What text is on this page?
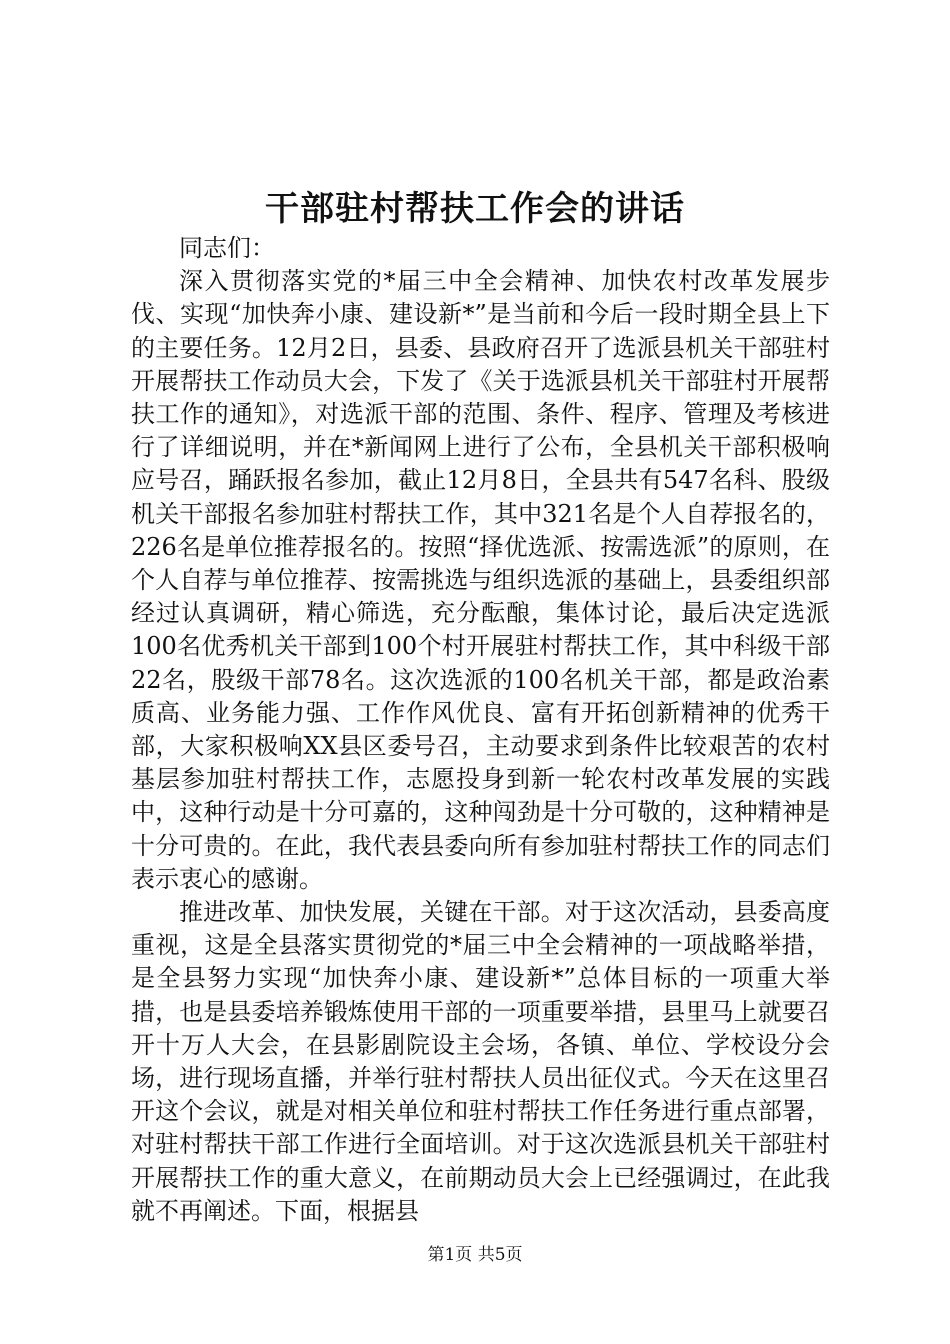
干部驻村帮扶工作会的讲话

同志们：

深入贯彻落实党的*届三中全会精神、加快农村改革发展步伐、实现“加快奔小康、建设新*”是当前和今后一段时期全县上下的主要任务。12月2日，县委、县政府召开了选派县机关干部驻村开展帮扶工作动员大会，下发了《关于选派县机关干部驻村开展帮扶工作的通知》，对选派干部的范围、条件、程序、管理及考核进行了详细说明，并在*新闻网上进行了公布，全县机关干部积极响应号召，踊跃报名参加，截止12月8日，全县共有547名科、股级机关干部报名参加驻村帮扶工作，其中321名是个人自荐报名的，226名是单位推荐报名的。按照“择优选派、按需选派”的原则，在个人自荐与单位推荐、按需挑选与组织选派的基础上，县委组织部经过认真调研，精心筛选，充分酝酿，集体讨论，最后决定选派100名优秀机关干部到100个村开展驻村帮扶工作，其中科级干部22名，股级干部78名。这次选派的100名机关干部，都是政治素质高、业务能力强、工作作风优良、富有开拓创新精神的优秀干部，大家积极响XX县区委号召，主动要求到条件比较艰苦的农村基层参加驻村帮扶工作，志愿投身到新一轮农村改革发展的实践中，这种行动是十分可嘉的，这种闯劲是十分可敬的，这种精神是十分可贵的。在此，我代表县委向所有参加驻村帮扶工作的同志们表示衷心的感谢。

推进改革、加快发展，关键在干部。对于这次活动，县委高度重视，这是全县落实贯彻党的*届三中全会精神的一项战略举措，是全县努力实现“加快奔小康、建设新*”总体目标的一项重大举措，也是县委培养锻炼使用干部的一项重要举措，县里马上就要召开十万人大会，在县影剧院设主会场，各镇、单位、学校设分会场，进行现场直播，并举行驻村帮扶人员出征仪式。今天在这里召开这个会议，就是对相关单位和驻村帮扶工作任务进行重点部署，对驻村帮扶干部工作进行全面培训。对于这次选派县机关干部驻村开展帮扶工作的重大意义，在前期动员大会上已经强调过，在此我就不再阐述。下面，根据县

第1页 共5页
